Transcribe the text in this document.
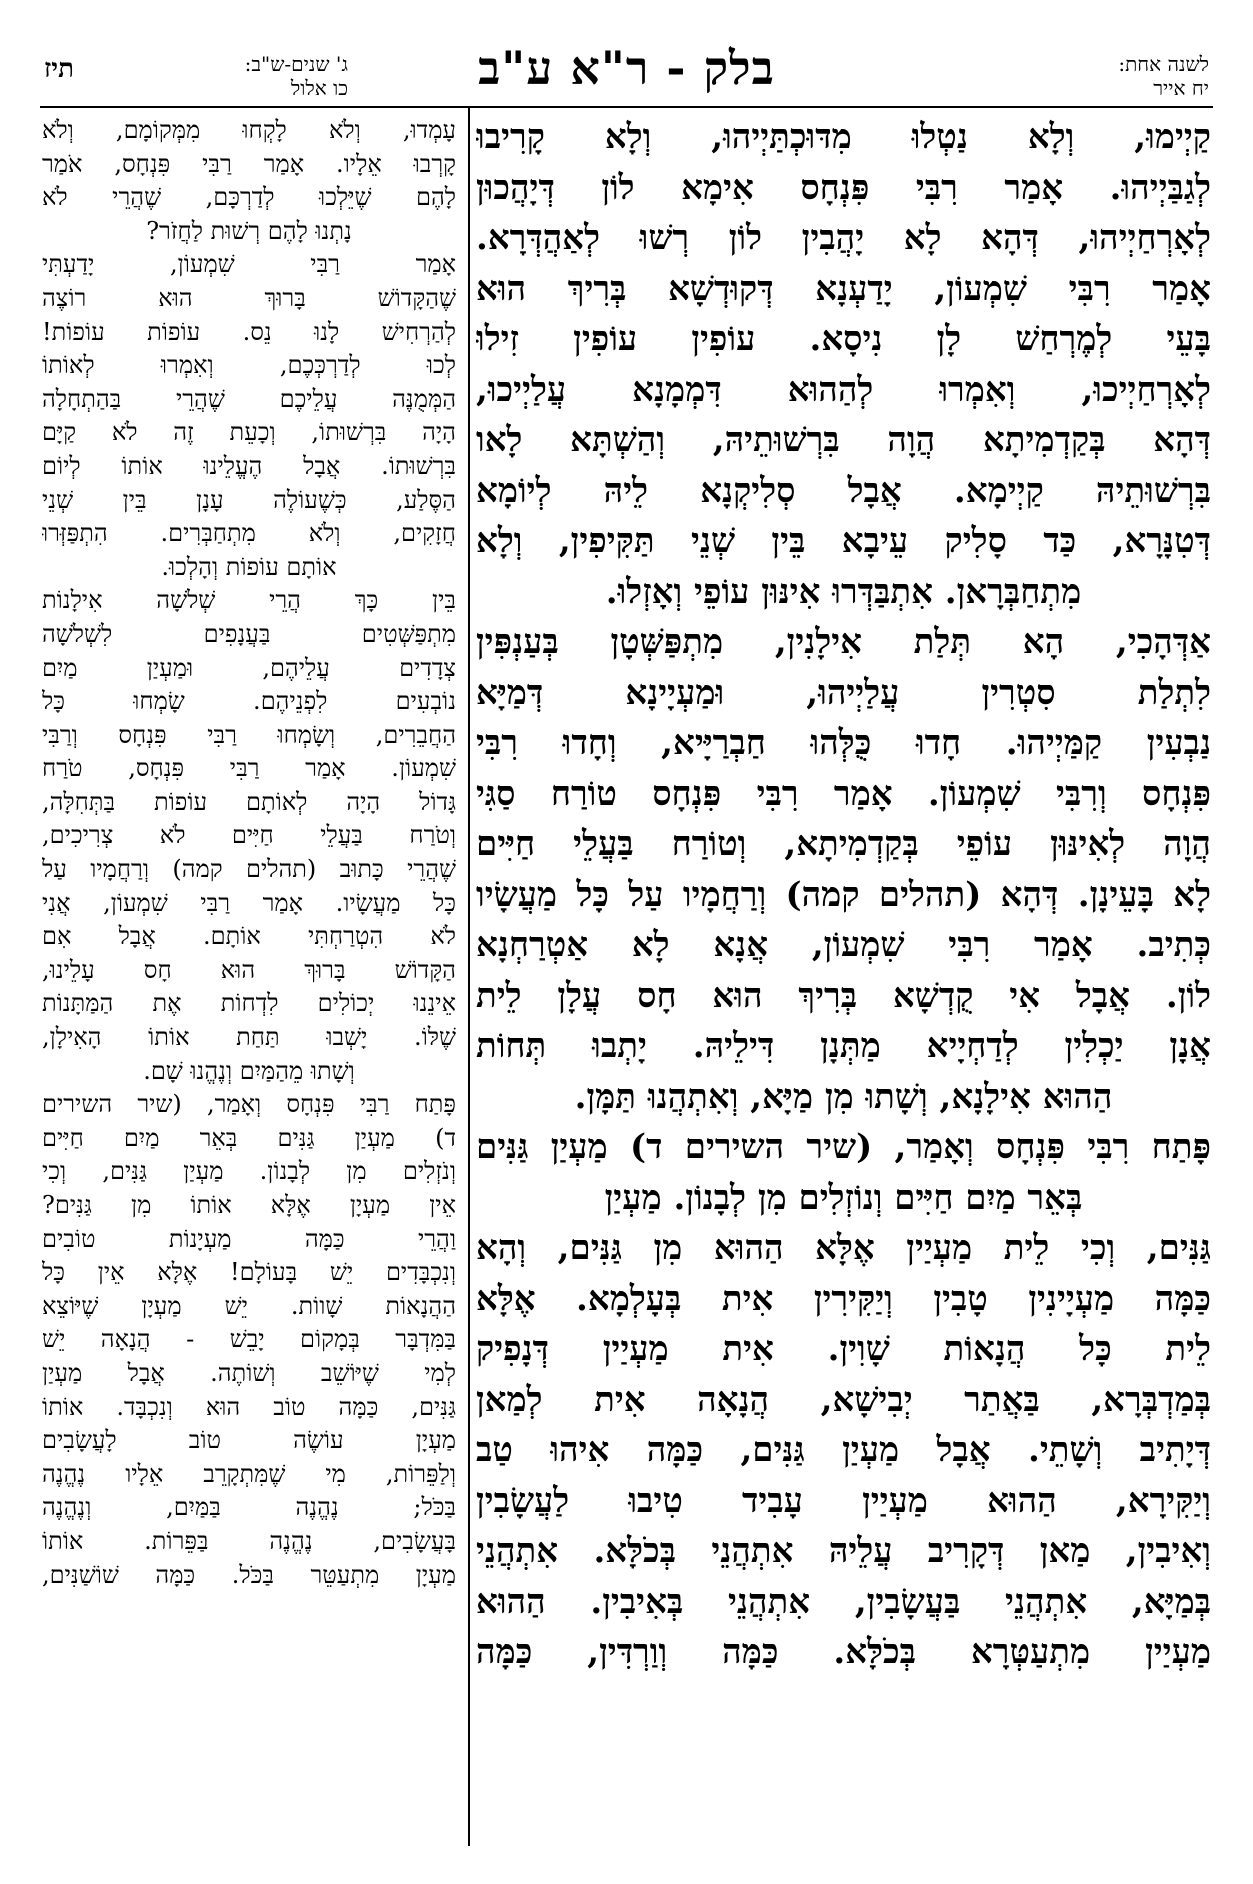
לשנה אחת:
יח אייר
בלק - ר"א ע"ב
ג' שנים-ש"ב:
כו אלול
תיז
קַיְימוּ, וְלָא נַטְלוּ מִדּוּכְתַּיְיהוּ, וְלָא קָרִיבוּ
לְגַבַּיְיהוּ. אָמַר רִבִּי פִּנְחָס אִימָא לוֹן דְּיָהֲכוּן
לְאָרְחַיְיהוּ, דְּהָא לָא יָהֲבִין לוֹן רְשׁוּ לְאַהֲדְּרָא.
אָמַר רִבִּי שִׁמְעוֹן, יָדַעְנָא דְּקוּדְשָׁא בְּרִיךְ הוּא
בָּעֵי לְמֶרְחַשׁ לָן נִיסָא. עוֹפִין עוֹפִין זִילוּ
לְאָרְחַיְיכוּ, וְאִמְרוּ לְהַהוּא דִּמְמָנָא עֲלַיְיכוּ,
דְּהָא בְּקַדְמִיתָא הֲוָה בִּרְשׁוּתֵיהּ, וְהַשְׁתָּא לָאו
בִּרְשׁוּתֵיהּ קַיְימָא. אֲבָל סְלִיקְנָא לֵיהּ לְיוֹמָא
דְּטִנָּרָא, כַּד סָלִיק עֵיבָא בֵּין שְׁנֵי תַּקִּיפִין, וְלָא
מִתְחַבְּרָאן. אִתְבַּדְּרוּ אִינּוּן עוֹפֵי וְאָזְלוּ.
אַדְּהָכִי, הָא תְּלַת אִילָנִין, מִתְפַּשְּׁטָן בְּעַנְפִּין
לִתְלַת סִטְרִין עֲלַיְיהוּ, וּמַעְיָינָא דְּמַיָּא
נַבְעִין קַמַּיְיהוּ. חָדוּ כֻּלְּהוּ חַבְרַיָּיא, וְחָדוּ רִבִּי
פִּנְחָס וְרִבִּי שִׁמְעוֹן. אָמַר רִבִּי פִּנְחָס טוֹרַח סַגִּי
הֲוָה לְאִינּוּן עוֹפֵי בְּקַדְמִיתָא, וְטוֹרַח בַּעֲלֵי חַיִּים
לָא בָּעֵינָן. דְּהָא (תהלים קמה) וְרַחֲמָיו עַל כָּל מַעֲשָׂיו
כְּתִיב. אָמַר רִבִּי שִׁמְעוֹן, אֲנָא לָא אַטְרַחְנָא
לוֹן. אֲבָל אִי קֻדְשָׁא בְּרִיךְ הוּא חָס עֲלָן לֵית
אֲנָן יַכְלִין לְדַחְיָיא מַתְּנָן דִּילֵיהּ. יָתְבוּ תְּחוֹת
הַהוּא אִילָנָא, וְשָׁתוּ מִן מַיָּא, וְאִתְהֲנוּ תַּמָּן.
פָּתַח רִבִּי פִּנְחָס וְאָמַר, (שיר השירים ד) מַעְיַן גַּנִּים
בְּאֵר מַיִם חַיִּים וְנוֹזְלִים מִן לְבָנוֹן. מַעְיַן
גַּנִּים, וְכִי לֵית מַעְיַין אֶלָּא הַהוּא מִן גַּנִּים, וְהָא
כַּמָּה מַעְיָינִין טָבִין וְיַקִּירִין אִית בְּעָלְמָא. אֶלָּא
לֵית כָּל הֲנָאוֹת שָׁוִין. אִית מַעְיַין דְּנָפִיק
בְּמַדְבְּרָא, בַּאֲתַר יְבִישָׁא, הֲנָאָה אִית לְמַאן
דְּיָתִיב וְשָׁתֵי. אֲבָל מַעְיַן גַּנִּים, כַּמָּה אִיהוּ טַב
וְיַקִּירָא, הַהוּא מַעְיַין עָבִיד טִיבוּ לַעֲשָׂבִין
וְאִיבִין, מַאן דְּקָרִיב עֲלֵיהּ אִתְהֲנֵי בְּכֹלָּא. אִתְהֲנֵי
בְּמַיָּא, אִתְהֲנֵי בַּעֲשָׂבִין, אִתְהֲנֵי בְּאִיבִין. הַהוּא
מַעְיַין מִתְעַטְּרָא בְּכֹלָּא. כַּמָּה וְוַרְדִּין, כַּמָּה
עָמְדוּ, וְלֹא לָקְחוּ מִמְּקוֹמָם, וְלֹא
קָרְבוּ אֵלָיו. אָמַר רַבִּי פִּנְחָס, אֹמַר
לָהֶם שֶׁיֵּלְכוּ לְדַרְכָּם, שֶׁהֲרֵי לֹא
נָתְנוּ לָהֶם רְשׁוּת לַחֲזֹר?
אָמַר רַבִּי שִׁמְעוֹן, יָדַעְתִּי
שֶׁהַקָּדוֹשׁ בָּרוּךְ הוּא רוֹצֶה
לְהַרְחִישׁ לָנוּ נֵס. עוֹפוֹת עוֹפוֹת!
לְכוּ לְדַרְכְּכֶם, וְאִמְרוּ לְאוֹתוֹ
הַמְּמֻנֶּה עֲלֵיכֶם שֶׁהֲרֵי בַּהַתְחָלָה
הָיָה בִּרְשׁוּתוֹ, וְכָעֵת זֶה לֹא קַיָּם
בִּרְשׁוּתוֹ. אֲבָל הֶעֱלֵינוּ אוֹתוֹ לְיוֹם
הַסֶּלַע, כְּשֶׁעוֹלֶה עָנָן בֵּין שְׁנֵי
חֲזָקִים, וְלֹא מִתְחַבְּרִים. הִתְפַּזְּרוּ
אוֹתָם עוֹפוֹת וְהָלְכוּ.
בֵּין כָּךְ הֲרֵי שְׁלֹשָׁה אִילָנוֹת
מִתְפַּשְּׁטִים בַּעֲנָפִים לִשְׁלֹשָׁה
צְדָדִים עֲלֵיהֶם, וּמַעְיַן מַיִם
נוֹבְעִים לִפְנֵיהֶם. שָׂמְחוּ כָּל
הַחֲבֵרִים, וְשָׂמְחוּ רַבִּי פִּנְחָס וְרַבִּי
שִׁמְעוֹן. אָמַר רַבִּי פִּנְחָס, טֹרַח
גָּדוֹל הָיָה לְאוֹתָם עוֹפוֹת בַּתְּחִלָּה,
וְטֹרַח בַּעֲלֵי חַיִּים לֹא צְרִיכִים,
שֶׁהֲרֵי כָּתוּב (תהלים קמה) וְרַחֲמָיו עַל
כָּל מַעֲשָׂיו. אָמַר רַבִּי שִׁמְעוֹן, אֲנִי
לֹא הִטְרַחְתִּי אוֹתָם. אֲבָל אִם
הַקָּדוֹשׁ בָּרוּךְ הוּא חָס עָלֵינוּ,
אֵינֵנוּ יְכוֹלִים לִדְחוֹת אֶת הַמַּתָּנוֹת
שֶׁלּוֹ. יָשְׁבוּ תַּחַת אוֹתוֹ הָאִילָן,
וְשָׁתוּ מֵהַמַּיִם וְנֶהֱנוּ שָׁם.
פָּתַח רַבִּי פִּנְחָס וְאָמַר, (שיר השירים
ד) מַעְיַן גַּנִּים בְּאֵר מַיִם חַיִּים
וְנֹזְלִים מִן לְבָנוֹן. מַעְיַן גַּנִּים, וְכִי
אֵין מַעְיָן אֶלָּא אוֹתוֹ מִן גַּנִּים?
וַהֲרֵי כַּמָּה מַעְיָנוֹת טוֹבִים
וְנִכְבָּדִים יֵשׁ בָּעוֹלָם! אֶלָּא אֵין כָּל
הַהֲנָאוֹת שָׁווֹת. יֵשׁ מַעְיָן שֶׁיּוֹצֵא
בַּמִּדְבָּר בְּמָקוֹם יָבֵשׁ - הֲנָאָה יֵשׁ
לְמִי שֶׁיּוֹשֵׁב וְשׁוֹתֶה. אֲבָל מַעְיַן
גַּנִּים, כַּמָּה טוֹב הוּא וְנִכְבָּד. אוֹתוֹ
מַעְיָן עוֹשֶׂה טוֹב לָעֲשָׂבִים
וְלַפֵּרוֹת, מִי שֶׁמִּתְקָרֵב אֵלָיו נֶהֱנֶה
בַּכֹּל; נֶהֱנֶה בַּמַּיִם, וְנֶהֱנֶה
בָּעֲשָׂבִים, נֶהֱנֶה בַּפֵּרוֹת. אוֹתוֹ
מַעְיָן מִתְעַטֵּר בַּכֹּל. כַּמָּה שׁוֹשַׁנִּים,
